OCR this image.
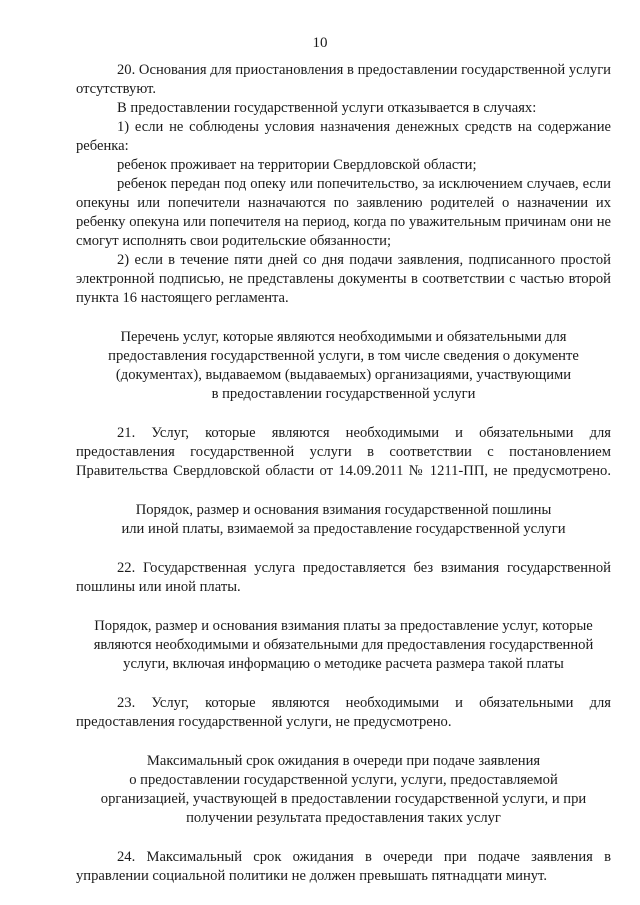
10

20. Основания для приостановления в предоставлении государственной услуги отсутствуют.

В предоставлении государственной услуги отказывается в случаях:

1) если не соблюдены условия назначения денежных средств на содержание ребенка:

ребенок проживает на территории Свердловской области;

ребенок передан под опеку или попечительство, за исключением случаев, если опекуны или попечители назначаются по заявлению родителей о назначении их ребенку опекуна или попечителя на период, когда по уважительным причинам они не смогут исполнять свои родительские обязанности;

2) если в течение пяти дней со дня подачи заявления, подписанного простой электронной подписью, не представлены документы в соответствии с частью второй пункта 16 настоящего регламента.

Перечень услуг, которые являются необходимыми и обязательными для

предоставления государственной услуги, в том числе сведения о документе

(документах), выдаваемом (выдаваемых) организациями, участвующими

в предоставлении государственной услуги

21. Услуг, которые являются необходимыми и обязательными для предоставления государственной услуги в соответствии с постановлением Правительства Свердловской области от 14.09.2011 № 1211-ПП, не предусмотрено.

Порядок, размер и основания взимания государственной пошлины

или иной платы, взимаемой за предоставление государственной услуги

22. Государственная услуга предоставляется без взимания государственной пошлины или иной платы.

Порядок, размер и основания взимания платы за предоставление услуг, которые

являются необходимыми и обязательными для предоставления государственной

услуги, включая информацию о методике расчета размера такой платы

23. Услуг, которые являются необходимыми и обязательными для предоставления государственной услуги, не предусмотрено.

Максимальный срок ожидания в очереди при подаче заявления

о предоставлении государственной услуги, услуги, предоставляемой

организацией, участвующей в предоставлении государственной услуги, и при

получении результата предоставления таких услуг

24. Максимальный срок ожидания в очереди при подаче заявления в управлении социальной политики не должен превышать пятнадцати минут.
